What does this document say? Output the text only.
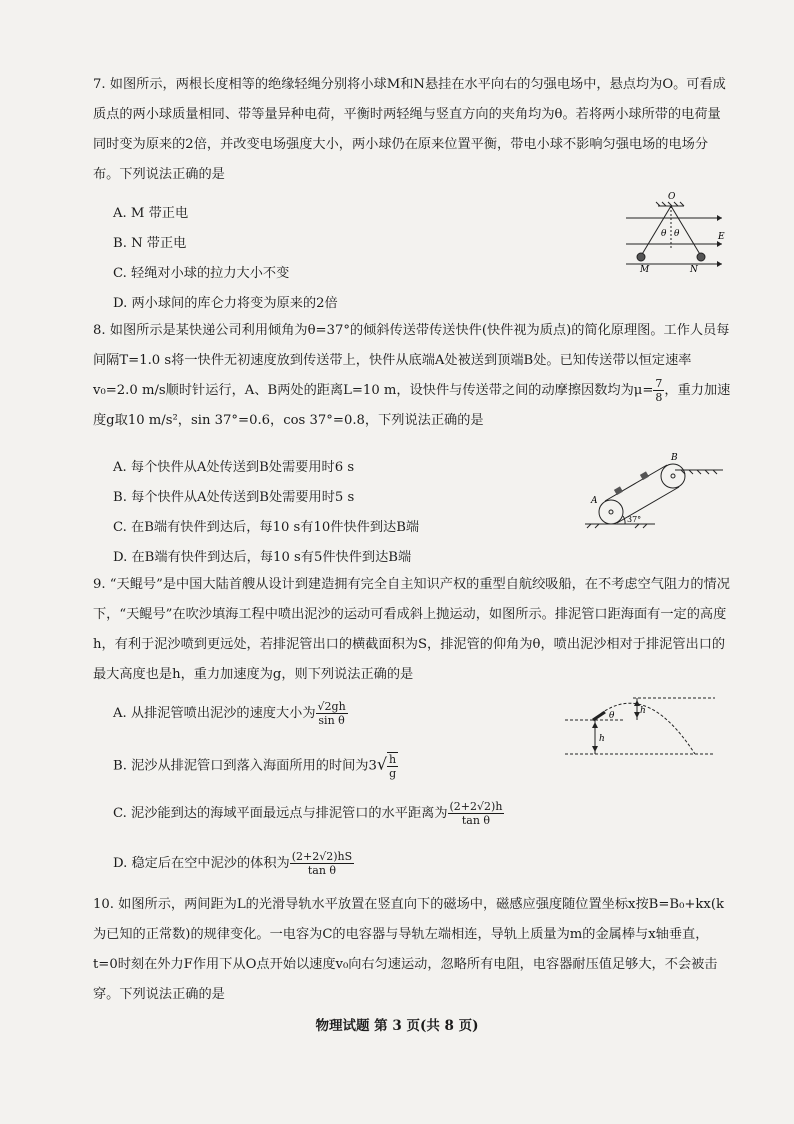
7. 如图所示，两根长度相等的绝缘轻绳分别将小球M和N悬挂在水平向右的匀强电场中，悬点均为O。可看成质点的两小球质量相同、带等量异种电荷，平衡时两轻绳与竖直方向的夹角均为θ。若将两小球所带的电荷量同时变为原来的2倍，并改变电场强度大小，两小球仍在原来位置平衡，带电小球不影响匀强电场的电场分布。下列说法正确的是

A. M 带正电
B. N 带正电
C. 轻绳对小球的拉力大小不变
D. 两小球间的库仑力将变为原来的2倍
O
θ θ	E
M	N

8. 如图所示是某快递公司利用倾角为θ=37°的倾斜传送带传送快件(快件视为质点)的简化原理图。工作人员每间隔T=1.0 s将一快件无初速度放到传送带上，快件从底端A处被送到顶端B处。已知传送带以恒定速率v₀=2.0 m/s顺时针运行，A、B两处的距离L=10 m，设快件与传送带之间的动摩擦因数均为$\mu= \frac{7}{8}$ ，重力加速度g取10 m/s²，sin 37°=0.6，cos 37°=0.8，下列说法正确的是

A. 每个快件从A处传送到B处需要用时6 s
B. 每个快件从A处传送到B处需要用时5 s
C. 在B端有快件到达后，每10 s有10件快件到达B端
D. 在B端有快件到达后，每10 s有5件快件到达B端
A
B
37°

9. “天鲲号”是中国大陆首艘从设计到建造拥有完全自主知识产权的重型自航绞吸船，在不考虑空气阻力的情况下，“天鲲号”在吹沙填海工程中喷出泥沙的运动可看成斜上抛运动，如图所示。排泥管口距海面有一定的高度h，有利于泥沙喷到更远处，若排泥管出口的横截面积为S，排泥管的仰角为θ，喷出泥沙相对于排泥管出口的最大高度也是h，重力加速度为g，则下列说法正确的是

A. 从排泥管喷出泥沙的速度大小为 $\frac{√2gh}{\text{sin θ}}$
B. 泥沙从排泥管口到落入海面所用的时间为$3√ \frac{h}{g}$
C. 泥沙能到达的海域平面最远点与排泥管口的水平距离为 $\frac{(2+2√2)h}{\text{tan θ}}$
D. 稳定后在空中泥沙的体积为 $\frac{(2+2√2)hS}{\text{tan θ}}$
h
h
θ

10. 如图所示，两间距为L的光滑导轨水平放置在竖直向下的磁场中，磁感应强度随位置坐标x按B=B₀+kx(k为已知的正常数)的规律变化。一电容为C的电容器与导轨左端相连，导轨上质量为m的金属棒与x轴垂直，t=0时刻在外力F作用下从O点开始以速度v₀向右匀速运动，忽略所有电阻，电容器耐压值足够大，不会被击穿。下列说法正确的是

物理试题 第 3 页(共 8 页)
